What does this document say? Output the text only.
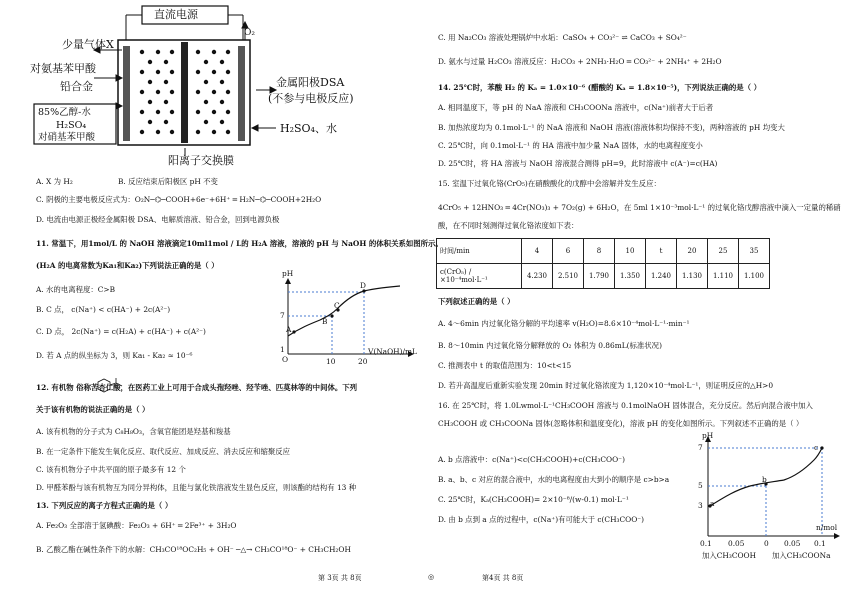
直流电源
少量气体X
O₂
对氨基苯甲酸
铅合金
85%乙醇-水
H₂SO₄
对硝基苯甲酸
金属阳极DSA
(不参与电极反应)
H₂SO₄、水
阳离子交换膜
A. X 为 H₂	B. 反应结束后阳极区 pH 不变
C. 阴极的主要电极反应式为：O₂N─⌬─COOH+6e⁻+6H⁺ ═ H₂N─⌬─COOH+2H₂O
D. 电流由电源正极经金属阳极 DSA、电解质溶液、铅合金，回到电源负极
11. 常温下，用1mol/L 的 NaOH 溶液滴定10ml1mol / L的 H₂A 溶液，溶液的 pH 与 NaOH 的体积关系如图所示。
(H₂A 的电离常数为Ka₁和Ka₂)下列说法正确的是（ ）
A. 水的电离程度：C>B
B. C 点， c(Na⁺) < c(HA⁻) + 2c(A²⁻)
C. D 点， 2c(Na⁺) = c(H₂A) + c(HA⁻) + c(A²⁻)
D. 若 A 点的纵坐标为 3，则 Ka₁ - Ka₂ ≈ 10⁻⁶
pH
7
1
10	20
V(NaOH)/mL
A
B
C
D
O
12. 有机物 俗称苦杏仁酸，在医药工业上可用于合成头孢羟唑、羟苄唑、匹莫林等的中间体。下列
关于该有机物的说法正确的是（ ）
A. 该有机物的分子式为 C₈H₈O₃，含氧官能团是羟基和羧基
B. 在一定条件下能发生氧化反应、取代反应、加成反应、消去反应和缩聚反应
C. 该有机物分子中共平面的原子最多有 12 个
D. 甲醛苯酚与该有机物互为同分异构体，且能与氯化铁溶液发生显色反应，则该酯的结构有 13 种
13. 下列反应的离子方程式正确的是（ ）
A. Fe₂O₃ 全部溶于氢碘酸：Fe₂O₃ + 6H⁺ ═ 2Fe³⁺ + 3H₂O
B. 乙酸乙酯在碱性条件下的水解：CH₃CO¹⁸OC₂H₅ + OH⁻ ─△→ CH₃CO¹⁸O⁻ + CH₃CH₂OH
第 3页 共 8页	◎	第4页 共 8页
C. 用 Na₂CO₃ 溶液处理锅炉中水垢：CaSO₄ + CO₃²⁻ ⇌ CaCO₃ + SO₄²⁻
D. 氨水与过量 H₂CO₃ 溶液反应：H₂CO₃ + 2NH₃·H₂O ═ CO₃²⁻ + 2NH₄⁺ + 2H₂O
14. 25℃时，苯酸 H₂ 的 Kₐ = 1.0×10⁻⁶ (醋酸的 Kₐ = 1.8×10⁻⁵)，下列说法正确的是（ ）
A. 相同温度下，等 pH 的 NaA 溶液和 CH₃COONa 溶液中，c(Na⁺)前者大于后者
B. 加热浓度均为 0.1mol·L⁻¹ 的 NaA 溶液和 NaOH 溶液(溶液体积均保持不变)，两种溶液的 pH 均变大
C. 25℃时，向 0.1mol·L⁻¹ 的 HA 溶液中加少量 NaA 固体，水的电离程度变小
D. 25℃时，将 HA 溶液与 NaOH 溶液混合测得 pH=9，此时溶液中 c(A⁻)=c(HA)
15. 室温下过氧化铬(CrO₅)在硝酸酸化的戊醇中会溶解并发生反应：
4CrO₅ + 12HNO₃ ═ 4Cr(NO₃)₃ + 7O₂(g) + 6H₂O，在 5ml 1×10⁻³mol·L⁻¹ 的过氧化铬戊醇溶液中滴入一定量的稀硝
酸，在不同时刻测得过氧化铬浓度如下表：
时间/min	4	6	8	10	t	20	25	35
c(CrO₅) /×10⁻⁴mol·L⁻¹	4.230	2.510	1.790	1.350	1.240	1.130	1.110	1.100
下列叙述正确的是（ ）
A. 4～6min 内过氧化铬分解的平均速率 v(H₂O)=8.6×10⁻⁴mol·L⁻¹·min⁻¹
B. 8～10min 内过氧化铬分解释放的 O₂ 体积为 0.86mL(标准状况)
C. 推测表中 t 的取值范围为：10<t<15
D. 若升高温度后重新实验发现 20min 时过氧化铬浓度为 1,120×10⁻⁴mol·L⁻¹，则证明反应的△H>0
16. 在 25℃时，将 1.0Lwmol·L⁻¹CH₃COOH 溶液与 0.1molNaOH 固体混合，充分反应。然后向混合液中加入
CH₃COOH 或 CH₃COONa 固体(忽略体积和温度变化)，溶液 pH 的变化如图所示。下列叙述不正确的是（ ）
A. b 点溶液中：c(Na⁺)<c(CH₃COOH)+c(CH₃COO⁻)
B. a、b、c 对应的混合液中，水的电离程度由大到小的顺序是 c>b>a
C. 25℃时，Kₐ(CH₃COOH)= 2×10⁻⁸/(w-0.1) mol·L⁻¹
D. 由 b 点到 a 点的过程中，c(Na⁺)有可能大于 c(CH₃COO⁻)
pH
7
5
3 a
b
c
0.1 0.05	0 0.05 0.1
n/mol
加入CH₃COOH 加入CH₃COONa
